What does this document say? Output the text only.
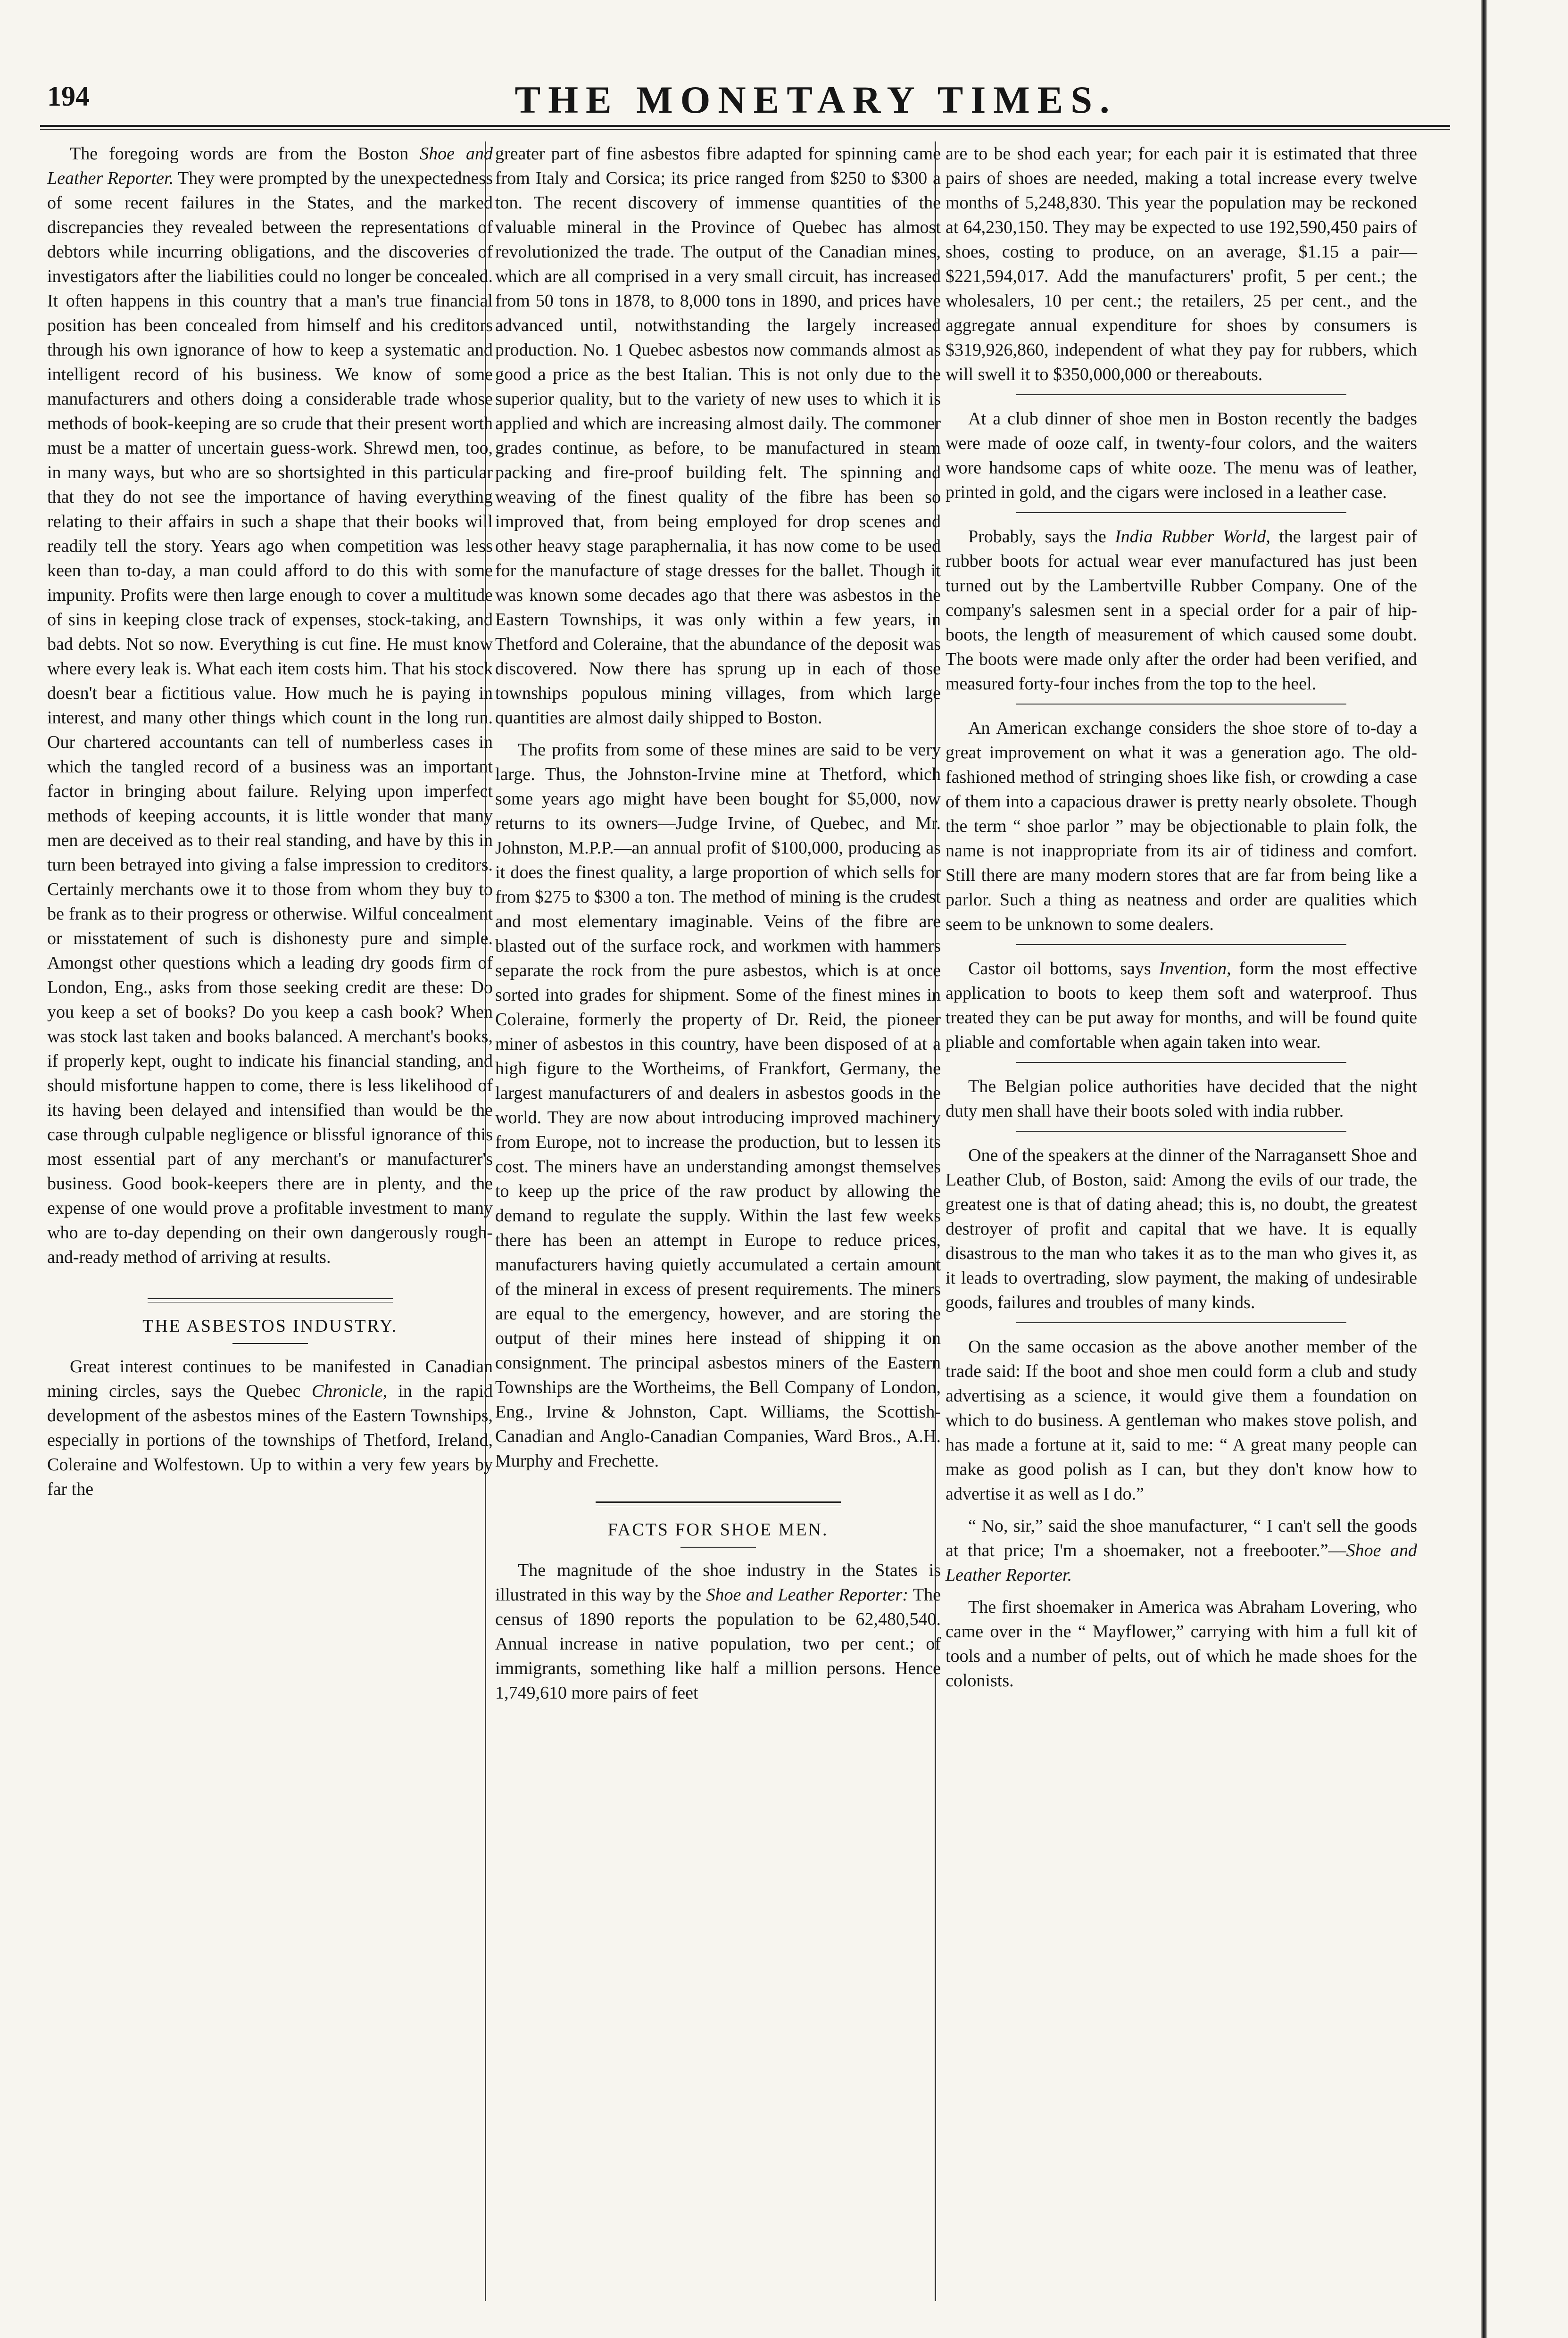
194	THE MONETARY TIMES.

The foregoing words are from the Boston Shoe and Leather Reporter. They were prompted by the unexpectedness of some recent failures in the States, and the marked discrepancies they revealed between the representations of debtors while incurring obligations, and the discoveries of investigators after the liabilities could no longer be concealed. It often happens in this country that a man's true financial position has been concealed from himself and his creditors through his own ignorance of how to keep a systematic and intelligent record of his business. We know of some manufacturers and others doing a considerable trade whose methods of book-keeping are so crude that their present worth must be a matter of uncertain guess-work. Shrewd men, too, in many ways, but who are so shortsighted in this particular that they do not see the importance of having everything relating to their affairs in such a shape that their books will readily tell the story. Years ago when competition was less keen than to-day, a man could afford to do this with some impunity. Profits were then large enough to cover a multitude of sins in keeping close track of expenses, stock-taking, and bad debts. Not so now. Everything is cut fine. He must know where every leak is. What each item costs him. That his stock doesn't bear a fictitious value. How much he is paying in interest, and many other things which count in the long run. Our chartered accountants can tell of numberless cases in which the tangled record of a business was an important factor in bringing about failure. Relying upon imperfect methods of keeping accounts, it is little wonder that many men are deceived as to their real standing, and have by this in turn been betrayed into giving a false impression to creditors. Certainly merchants owe it to those from whom they buy to be frank as to their progress or otherwise. Wilful concealment or misstatement of such is dishonesty pure and simple. Amongst other questions which a leading dry goods firm of London, Eng., asks from those seeking credit are these: Do you keep a set of books? Do you keep a cash book? When was stock last taken and books balanced. A merchant's books, if properly kept, ought to indicate his financial standing, and should misfortune happen to come, there is less likelihood of its having been delayed and intensified than would be the case through culpable negligence or blissful ignorance of this most essential part of any merchant's or manufacturer's business. Good book-keepers there are in plenty, and the expense of one would prove a profitable investment to many who are to-day depending on their own dangerously rough-and-ready method of arriving at results.

THE ASBESTOS INDUSTRY.

Great interest continues to be manifested in Canadian mining circles, says the Quebec Chronicle, in the rapid development of the asbestos mines of the Eastern Townships, especially in portions of the townships of Thetford, Ireland, Coleraine and Wolfestown. Up to within a very few years by far the

greater part of fine asbestos fibre adapted for spinning came from Italy and Corsica; its price ranged from $250 to $300 a ton. The recent discovery of immense quantities of the valuable mineral in the Province of Quebec has almost revolutionized the trade. The output of the Canadian mines, which are all comprised in a very small circuit, has increased from 50 tons in 1878, to 8,000 tons in 1890, and prices have advanced until, notwithstanding the largely increased production. No. 1 Quebec asbestos now commands almost as good a price as the best Italian. This is not only due to the superior quality, but to the variety of new uses to which it is applied and which are increasing almost daily. The commoner grades continue, as before, to be manufactured in steam packing and fire-proof building felt. The spinning and weaving of the finest quality of the fibre has been so improved that, from being employed for drop scenes and other heavy stage paraphernalia, it has now come to be used for the manufacture of stage dresses for the ballet. Though it was known some decades ago that there was asbestos in the Eastern Townships, it was only within a few years, in Thetford and Coleraine, that the abundance of the deposit was discovered. Now there has sprung up in each of those townships populous mining villages, from which large quantities are almost daily shipped to Boston.

The profits from some of these mines are said to be very large. Thus, the Johnston-Irvine mine at Thetford, which some years ago might have been bought for $5,000, now returns to its owners—Judge Irvine, of Quebec, and Mr. Johnston, M.P.P.—an annual profit of $100,000, producing as it does the finest quality, a large proportion of which sells for from $275 to $300 a ton. The method of mining is the crudest and most elementary imaginable. Veins of the fibre are blasted out of the surface rock, and workmen with hammers separate the rock from the pure asbestos, which is at once sorted into grades for shipment. Some of the finest mines in Coleraine, formerly the property of Dr. Reid, the pioneer miner of asbestos in this country, have been disposed of at a high figure to the Wortheims, of Frankfort, Germany, the largest manufacturers of and dealers in asbestos goods in the world. They are now about introducing improved machinery from Europe, not to increase the production, but to lessen its cost. The miners have an understanding amongst themselves to keep up the price of the raw product by allowing the demand to regulate the supply. Within the last few weeks there has been an attempt in Europe to reduce prices, manufacturers having quietly accumulated a certain amount of the mineral in excess of present requirements. The miners are equal to the emergency, however, and are storing the output of their mines here instead of shipping it on consignment. The principal asbestos miners of the Eastern Townships are the Wortheims, the Bell Company of London, Eng., Irvine & Johnston, Capt. Williams, the Scottish-Canadian and Anglo-Canadian Companies, Ward Bros., A.H. Murphy and Frechette.

FACTS FOR SHOE MEN.

The magnitude of the shoe industry in the States is illustrated in this way by the Shoe and Leather Reporter: The census of 1890 reports the population to be 62,480,540. Annual increase in native population, two per cent.; of immigrants, something like half a million persons. Hence 1,749,610 more pairs of feet

are to be shod each year; for each pair it is estimated that three pairs of shoes are needed, making a total increase every twelve months of 5,248,830. This year the population may be reckoned at 64,230,150. They may be expected to use 192,590,450 pairs of shoes, costing to produce, on an average, $1.15 a pair—$221,594,017. Add the manufacturers' profit, 5 per cent.; the wholesalers, 10 per cent.; the retailers, 25 per cent., and the aggregate annual expenditure for shoes by consumers is $319,926,860, independent of what they pay for rubbers, which will swell it to $350,000,000 or thereabouts.

At a club dinner of shoe men in Boston recently the badges were made of ooze calf, in twenty-four colors, and the waiters wore handsome caps of white ooze. The menu was of leather, printed in gold, and the cigars were inclosed in a leather case.

Probably, says the India Rubber World, the largest pair of rubber boots for actual wear ever manufactured has just been turned out by the Lambertville Rubber Company. One of the company's salesmen sent in a special order for a pair of hip-boots, the length of measurement of which caused some doubt. The boots were made only after the order had been verified, and measured forty-four inches from the top to the heel.

An American exchange considers the shoe store of to-day a great improvement on what it was a generation ago. The old-fashioned method of stringing shoes like fish, or crowding a case of them into a capacious drawer is pretty nearly obsolete. Though the term “ shoe parlor ” may be objectionable to plain folk, the name is not inappropriate from its air of tidiness and comfort. Still there are many modern stores that are far from being like a parlor. Such a thing as neatness and order are qualities which seem to be unknown to some dealers.

Castor oil bottoms, says Invention, form the most effective application to boots to keep them soft and waterproof. Thus treated they can be put away for months, and will be found quite pliable and comfortable when again taken into wear.

The Belgian police authorities have decided that the night duty men shall have their boots soled with india rubber.

One of the speakers at the dinner of the Narragansett Shoe and Leather Club, of Boston, said: Among the evils of our trade, the greatest one is that of dating ahead; this is, no doubt, the greatest destroyer of profit and capital that we have. It is equally disastrous to the man who takes it as to the man who gives it, as it leads to overtrading, slow payment, the making of undesirable goods, failures and troubles of many kinds.

On the same occasion as the above another member of the trade said: If the boot and shoe men could form a club and study advertising as a science, it would give them a foundation on which to do business. A gentleman who makes stove polish, and has made a fortune at it, said to me: “ A great many people can make as good polish as I can, but they don't know how to advertise it as well as I do.”

“ No, sir,” said the shoe manufacturer, “ I can't sell the goods at that price; I'm a shoemaker, not a freebooter.”—Shoe and Leather Reporter.

The first shoemaker in America was Abraham Lovering, who came over in the “ Mayflower,” carrying with him a full kit of tools and a number of pelts, out of which he made shoes for the colonists.
